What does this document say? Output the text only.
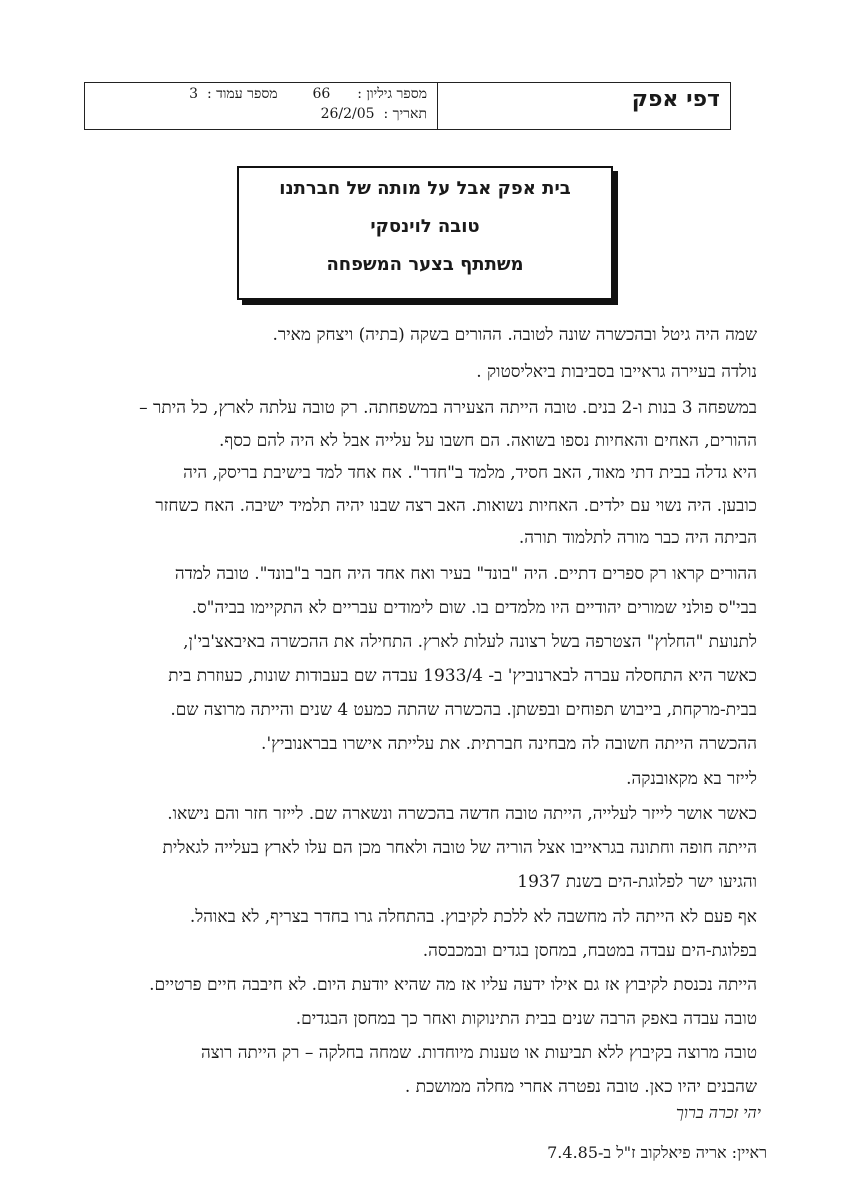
מספר גיליון :  66  מספר עמוד :  3
תאריך :  26/2/05
דפי אפק
בית אפק אבל על מותה של חברתנו
טובה לוינסקי
משתתף בצער המשפחה
שמה היה גיטל ובהכשרה שונה לטובה. ההורים בשקה (בתיה) ויצחק מאיר.
נולדה בעיירה גראייבו בסביבות ביאליסטוק .
במשפחה 3 בנות ו-2 בנים. טובה הייתה הצעירה במשפחתה. רק טובה עלתה לארץ, כל היתר –
ההורים, האחים והאחיות נספו בשואה. הם חשבו על עלייה אבל לא היה להם כסף.
היא גדלה בבית דתי מאוד, האב חסיד, מלמד ב"חדר". אח אחד למד בישיבת בריסק, היה
כובען. היה נשוי עם ילדים. האחיות נשואות. האב רצה שבנו יהיה תלמיד ישיבה. האח כשחזר
הביתה היה כבר מורה לתלמוד תורה.
ההורים קראו רק ספרים דתיים. היה "בונד" בעיר ואח אחד היה חבר ב"בונד". טובה למדה
בבי"ס פולני שמורים יהודיים היו מלמדים בו. שום לימודים עבריים לא התקיימו בביה"ס.
לתנועת "החלוץ" הצטרפה בשל רצונה לעלות לארץ. התחילה את ההכשרה באיבאצ'בי'ן,
כאשר היא התחסלה עברה לבארנוביץ' ב- 1933/4 עבדה שם בעבודות שונות, כעוזרת בית
בבית-מרקחת, בייבוש תפוחים ובפשתן. בהכשרה שהתה כמעט 4 שנים והייתה מרוצה שם.
ההכשרה הייתה חשובה לה מבחינה חברתית. את עלייתה אישרו בבראנוביץ'.
לייזר בא מקאובנקה.
כאשר אושר לייזר לעלייה, הייתה טובה חדשה בהכשרה ונשארה שם. לייזר חזר והם נישאו.
הייתה חופה וחתונה בגראייבו אצל הוריה של טובה ולאחר מכן הם עלו לארץ בעלייה לגאלית
והגיעו ישר לפלוגת-הים בשנת 1937
אף פעם לא הייתה לה מחשבה לא ללכת לקיבוץ. בהתחלה גרו בחדר בצריף, לא באוהל.
בפלוגת-הים עבדה במטבח, במחסן בגדים ובמכבסה.
הייתה נכנסת לקיבוץ אז גם אילו ידעה עליו אז מה שהיא יודעת היום. לא חיבבה חיים פרטיים.
טובה עבדה באפק הרבה שנים בבית התינוקות ואחר כך במחסן הבגדים.
טובה מרוצה בקיבוץ ללא תביעות או טענות מיוחדות. שמחה בחלקה – רק הייתה רוצה
שהבנים יהיו כאן. טובה נפטרה אחרי מחלה ממושכת .
יהי זכרה ברוך
ראיין: אריה פיאלקוב ז"ל ב-7.4.85
